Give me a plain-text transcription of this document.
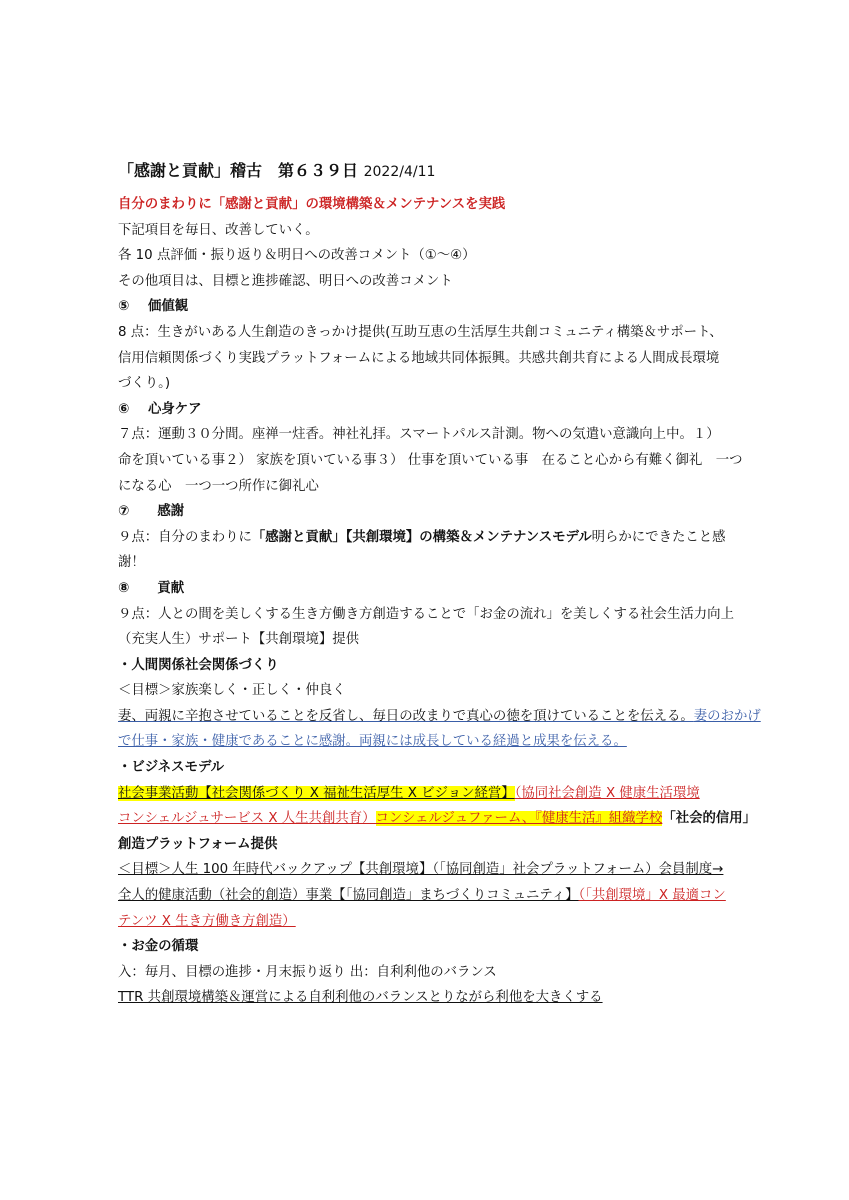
「感謝と貢献」稽古　第６３９日 2022/4/11
自分のまわりに「感謝と貢献」の環境構築＆メンテナンスを実践
下記項目を毎日、改善していく。
各 10 点評価・振り返り＆明日への改善コメント（①～④）
その他項目は、目標と進捗確認、明日への改善コメント
⑤ 価値観
8 点：生きがいある人生創造のきっかけ提供(互助互恵の生活厚生共創コミュニティ構築＆サポート、
信用信頼関係づくり実践プラットフォームによる地域共同体振興。共感共創共育による人間成長環境
づくり。)
⑥ 心身ケア
７点：運動３０分間。座禅一炷香。神社礼拝。スマートパルス計測。物への気遣い意識向上中。１）
命を頂いている事２） 家族を頂いている事３） 仕事を頂いている事　在ること心から有難く御礼　一つ
になる心　一つ一つ所作に御礼心
⑦ 感謝
９点：自分のまわりに「感謝と貢献」【共創環境】の構築＆メンテナンスモデル明らかにできたこと感
謝！
⑧ 貢献
９点：人との間を美しくする生き方働き方創造することで「お金の流れ」を美しくする社会生活力向上
（充実人生）サポート【共創環境】提供
・人間関係社会関係づくり
＜目標＞家族楽しく・正しく・仲良く
妻、両親に辛抱させていることを反省し、毎日の改まりで真心の徳を頂けていることを伝える。妻のおかげ
で仕事・家族・健康であることに感謝。両親には成長している経過と成果を伝える。
・ビジネスモデル
社会事業活動【社会関係づくり X 福祉生活厚生 X ビジョン経営】（協同社会創造 X 健康生活環境
コンシェルジュサービス X 人生共創共育）コンシェルジュファーム、『健康生活』組織学校「社会的信用」
創造プラットフォーム提供
＜目標＞人生 100 年時代バックアップ【共創環境】（「協同創造」社会プラットフォーム）会員制度→
全人的健康活動（社会的創造）事業【「協同創造」まちづくりコミュニティ】（「共創環境」X 最適コン
テンツ X 生き方働き方創造）
・お金の循環
入：毎月、目標の進捗・月末振り返り 出：自利利他のバランス
TTR 共創環境構築＆運営による自利利他のバランスとりながら利他を大きくする
